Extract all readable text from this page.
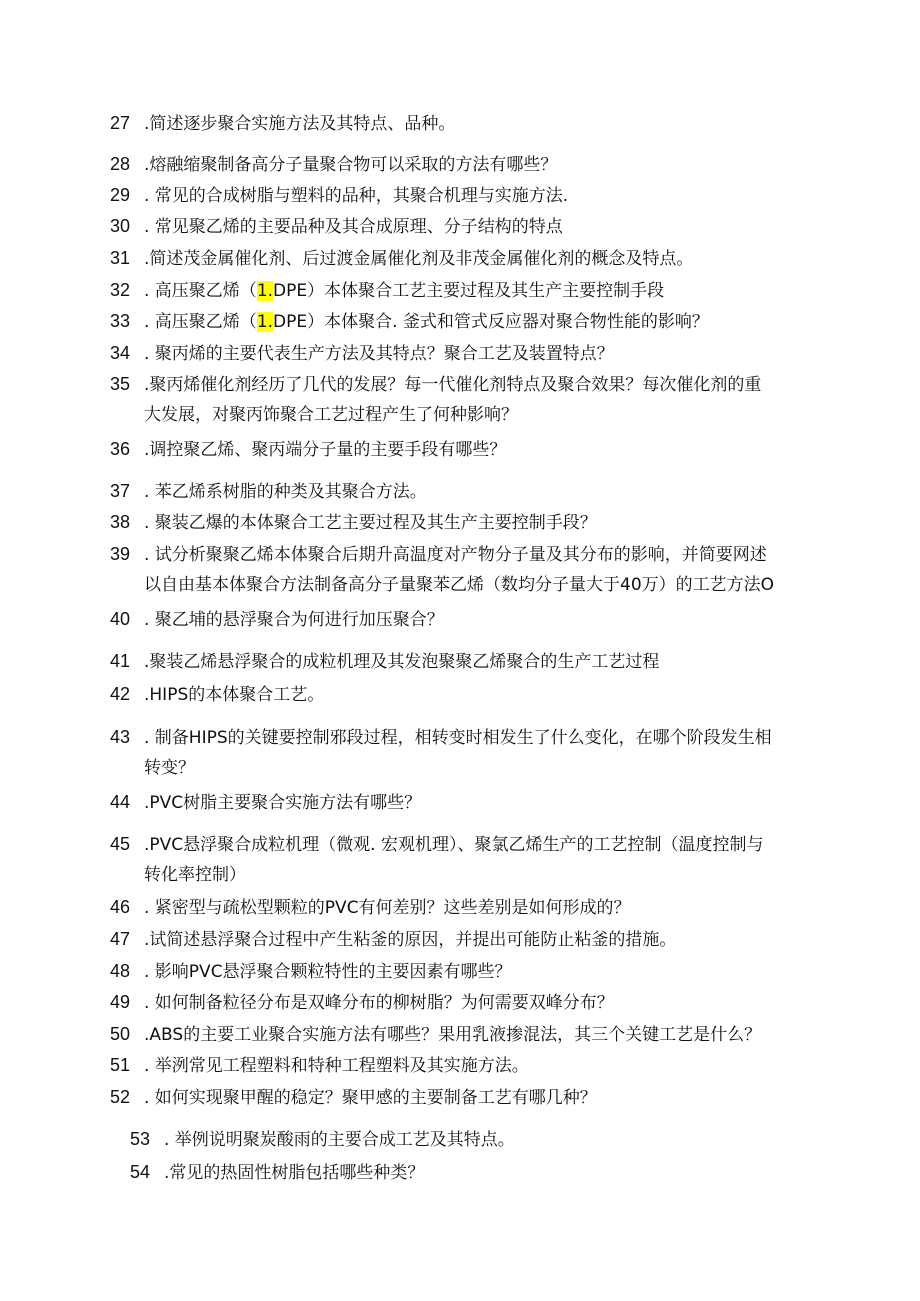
27 .简述逐步聚合实施方法及其特点、品种。
28 .熔融缩聚制备高分子量聚合物可以采取的方法有哪些？
29 . 常见的合成树脂与塑料的品种，其聚合机理与实施方法.
30 . 常见聚乙烯的主要品种及其合成原理、分子结构的特点
31 .简述茂金属催化剂、后过渡金属催化剂及非茂金属催化剂的概念及特点。
32 . 高压聚乙烯（1.DPE）本体聚合工艺主要过程及其生产主要控制手段
33 . 高压聚乙烯（1.DPE）本体聚合. 釜式和管式反应器对聚合物性能的影响？
34 . 聚丙烯的主要代表生产方法及其特点？聚合工艺及装置特点？
35 .聚丙烯催化剂经历了几代的发展？每一代催化剂特点及聚合效果？每次催化剂的重
大发展，对聚丙饰聚合工艺过程产生了何种影响？
36 .调控聚乙烯、聚丙端分子量的主要手段有哪些？
37 . 苯乙烯系树脂的种类及其聚合方法。
38 . 聚装乙爆的本体聚合工艺主要过程及其生产主要控制手段？
39 . 试分析聚聚乙烯本体聚合后期升高温度对产物分子量及其分布的影响，并简要网述
以自由基本体聚合方法制备高分子量聚苯乙烯（数均分子量大于40万）的工艺方法O
40 . 聚乙埔的悬浮聚合为何进行加压聚合？
41 .聚装乙烯悬浮聚合的成粒机理及其发泡聚聚乙烯聚合的生产工艺过程
42 .HIPS的本体聚合工艺。
43 . 制备HIPS的关键要控制邪段过程，相转变时相发生了什么变化，在哪个阶段发生相
转变？
44 .PVC树脂主要聚合实施方法有哪些？
45 .PVC悬浮聚合成粒机理（微观. 宏观机理）、聚氯乙烯生产的工艺控制（温度控制与
转化率控制）
46 . 紧密型与疏松型颗粒的PVC有何差别？这些差别是如何形成的？
47 .试简述悬浮聚合过程中产生粘釜的原因，并提出可能防止粘釜的措施。
48 . 影响PVC悬浮聚合颗粒特性的主要因素有哪些？
49 . 如何制备粒径分布是双峰分布的柳树脂？为何需要双峰分布？
50 .ABS的主要工业聚合实施方法有哪些？果用乳液掺混法，其三个关键工艺是什么？
51 . 举洌常见工程塑料和特种工程塑料及其实施方法。
52 . 如何实现聚甲醒的稳定？聚甲感的主要制备工艺有哪几种？
53 . 举例说明聚炭酸雨的主要合成工艺及其特点。
54 .常见的热固性树脂包括哪些种类？
